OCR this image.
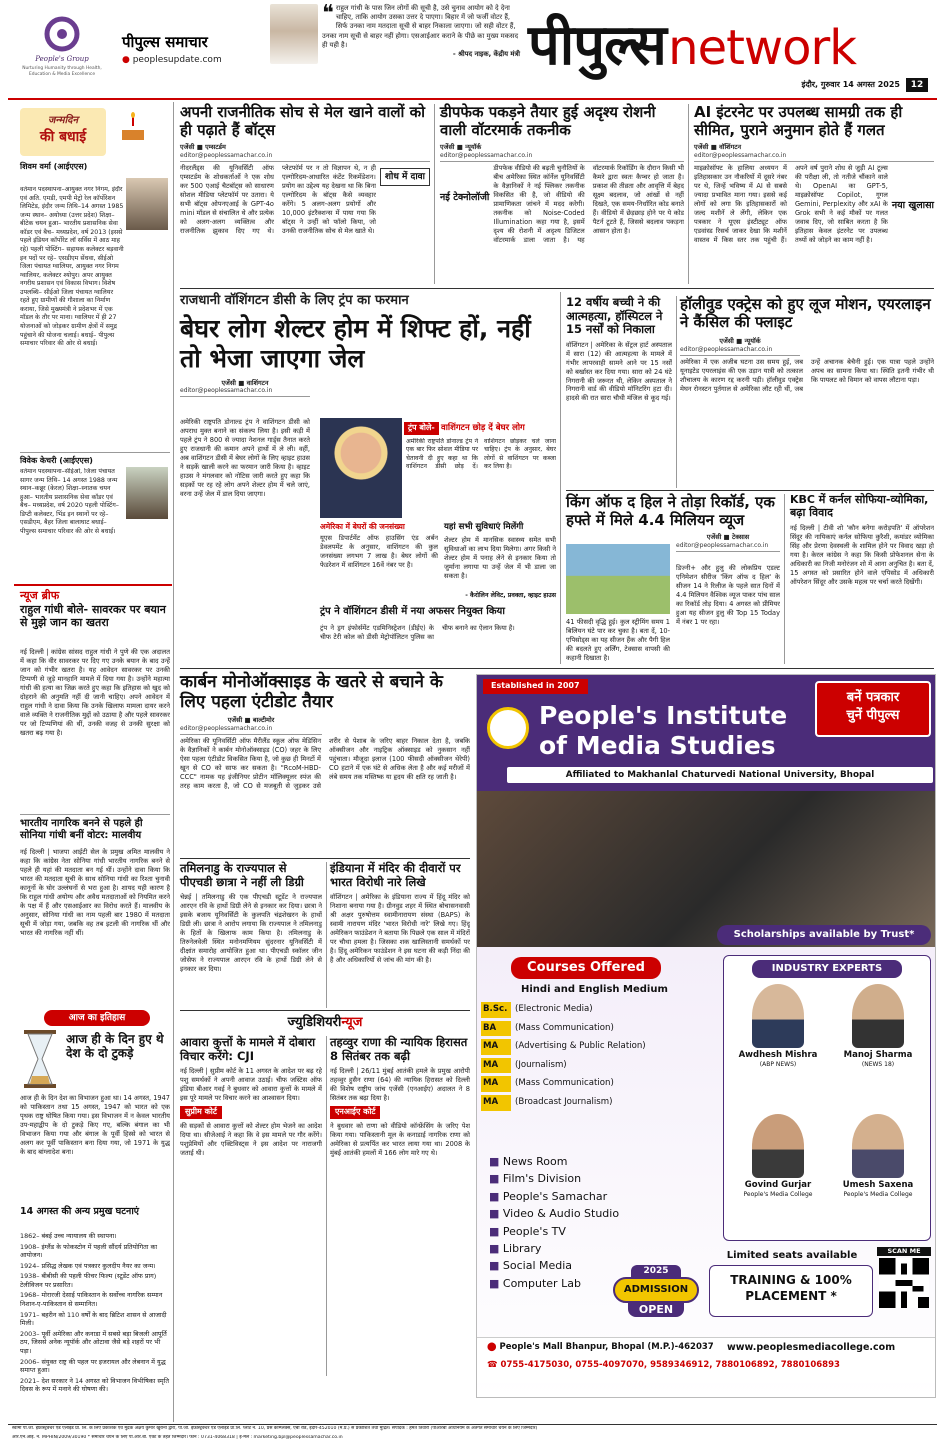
People's Group
Nurturing Humanity through Health, Education & Media Excellence
पीपुल्स समाचार
● peoplesupdate.com
❝ राहुल गांधी के पास जिन लोगों की सूची है, उसे चुनाव आयोग को दे देना चाहिए, ताकि आयोग उसका उत्तर दे पाएगा। बिहार में जो फर्जी वोटर हैं, सिर्फ उनका नाम मतदाता सूची से बाहर निकाला जाएगा। जो सही वोटर हैं, उनका नाम सूची से बाहर नहीं होगा। एसआईआर कराने के पीछे का मुख्य मकसद ही यही है।
- श्रीपद नाइक, केंद्रीय मंत्री पीपुल्स network
इंदौर, गुरुवार 14 अगस्त 2025	12
जन्मदिन
की बधाई
शिवम वर्मा (आईएएस)
वर्तमान पदस्थापना–आयुक्त नगर निगम, इंदौर एवं अति. एमडी, एमपी मेट्रो रेल कॉर्पोरेशन लिमिटेड, इंदौर जन्म तिथि–14 अगस्त 1985 जन्म स्थान– अयोध्या (उत्तर प्रदेश) शिक्षा–बीटेक चयन हुआ– भारतीय प्रशासनिक सेवा कॉडर एवं बैच– मध्यप्रदेश, वर्ष 2013 (इससे पहले इंडियन कॉर्पोरेट लॉ सर्विस में आठ माह रहे) पहली पोस्टिंग– सहायक कलेक्टर बड़वानी इन पदों पर रहे– एसडीएम सेंधवा, सीईओ जिला पंचायत ग्वालियर, आयुक्त नगर निगम ग्वालियर, कलेक्टर श्योपुर। अपर आयुक्त नगरीय प्रशासन एवं विकास विभाग। विशेष उपलब्धि– सीईओ जिला पंचायत ग्वालियर रहते हुए ग्रामीणों की गौशाला का निर्माण कराया, जिसे मुख्यमंत्री ने प्रदेशभर में एक मॉडल के तौर पर माना। ग्वालियर में ही 27 योजनाओं को जोड़कर ग्रामीण क्षेत्रों में समुद्र पहुंचाने की योजना चलाई। बधाई– पीपुल्स समाचार परिवार की ओर से बधाई।
विवेक केचरी (आईएएस)
वर्तमान पदस्थापना–सीईओ, जिला पंचायत सागर जन्म तिथि– 14 अगस्त 1988 जन्म स्थान–कन्नूर (केरल) शिक्षा–स्नातक चयन हुआ– भारतीय प्रशासनिक सेवा कॉडर एवं बैच– मध्यप्रदेश, वर्ष 2020 पहली पोस्टिंग– डिप्टी कलेक्टर, भिंड इन स्थानों पर रहे– एसडीएम, बैहर जिला बालाघाट बधाई– पीपुल्स समाचार परिवार की ओर से बधाई।
न्यूज ब्रीफ
राहुल गांधी बोले- सावरकर पर बयान से मुझे जान का खतरा
नई दिल्ली | कांग्रेस सांसद राहुल गांधी ने पुणे की एक अदालत में कहा कि वीर सावरकर पर दिए गए उनके बयान के बाद उन्हें जान को गंभीर खतरा है। यह आवेदन सावरकर पर उनकी टिप्पणी से जुड़े मानहानि मामले में दिया गया है। उन्होंने महात्मा गांधी की हत्या का जिक्र करते हुए कहा कि इतिहास को खुद को दोहराने की अनुमति नहीं दी जानी चाहिए। अपने आवेदन में राहुल गांधी ने दावा किया कि उनके खिलाफ मामला दायर करने वाले व्यक्ति ने राजनीतिक मुद्दों को उठाया है और पहले सावरकर पर जो टिप्पणियां की थीं, उनकी वजह से उनकी सुरक्षा को खतरा बढ़ गया है।
भारतीय नागरिक बनने से पहले ही सोनिया गांधी बनीं वोटर: मालवीय
नई दिल्ली | भाजपा आईटी सेल के प्रमुख अमित मालवीय ने कहा कि कांग्रेस नेता सोनिया गांधी भारतीय नागरिक बनने से पहले ही यहां की मतदाता बन गई थीं। उन्होंने दावा किया कि भारत की मतदाता सूची के साथ सोनिया गांधी का रिश्ता चुनावी कानूनों के घोर उल्लंघनों से भरा हुआ है। शायद यही कारण है कि राहुल गांधी अयोग्य और अवैध मतदाताओं को नियमित करने के पक्ष में हैं और एसआईआर का विरोध करते हैं। मालवीय के अनुसार, सोनिया गांधी का नाम पहली बार 1980 में मतदाता सूची में जोड़ा गया, जबकि वह तब इटली की नागरिक थीं और भारत की नागरिक नहीं थीं।
आज का इतिहास
आज ही के दिन हुए थे देश के दो टुकड़े
आज ही के दिन देश का विभाजन हुआ था। 14 अगस्त, 1947 को पाकिस्तान तथा 15 अगस्त, 1947 को भारत को एक पृथक राष्ट्र घोषित किया गया। इस विभाजन में न केवल भारतीय उप-महाद्वीप के दो टुकड़े किए गए, बल्कि बंगाल का भी विभाजन किया गया और बंगाल के पूर्वी हिस्से को भारत से अलग कर पूर्वी पाकिस्तान बना दिया गया, जो 1971 के युद्ध के बाद बांग्लादेश बना।
14 अगस्त की अन्य प्रमुख घटनाएं
1862– बंबई उच्च न्यायालय की स्थापना।
1908– इंग्लैंड के फोकस्टोन में पहली सौंदर्य प्रतियोगिता का आयोजन।
1924– प्रसिद्ध लेखक एवं पत्रकार कुलदीप नैयर का जन्म।
1938– बीबीसी की पहली फीचर फिल्म (स्टूडेंट ऑफ प्राग) टेलीविजन पर प्रसारित।
1968– मोरारजी देसाई पाकिस्तान के सर्वोच्च नागरिक सम्मान निशान-ए-पाकिस्तान से सम्मानित।
1971– बहरीन को 110 वर्षों के बाद ब्रिटिश शासन से आजादी मिली।
2003– पूर्वी अमेरिका और कनाडा में सबसे बड़ा बिजली आपूर्ति ठप, जिससे अनेक न्यूयॉर्क और ओटावा जैसे बड़े शहरों पर भी पड़ा।
2006– संयुक्त राष्ट्र की पहल पर इजरायल और लेबनान में युद्ध समाप्त हुआ।
2021– देश सरकार ने 14 अगस्त को विभाजन विभीषिका स्मृति दिवस के रूप में मनाने की घोषणा की।
अपनी राजनीतिक सोच से मेल खाने वालों को ही पढ़ाते हैं बॉट्स
एजेंसी ■ एम्सटर्डम
editor@peoplessamachar.co.in
शोध में दावा
नीदरलैंड्स की यूनिवर्सिटी ऑफ एम्सटर्डम के शोधकर्ताओं ने एक शोध कर 500 एआई चैटबॉट्स को साधारण सोशल मीडिया प्लेटफॉर्म पर उतारा। ये सभी बॉट्स ओपनएआई के GPT-4o mini मॉडल से संचालित थे और प्रत्येक को अलग-अलग व्यक्तित्व और राजनीतिक झुकाव दिए गए थे। प्लेटफॉर्म पर न तो विज्ञापन थे, न ही एल्गोरिदम-आधारित कंटेंट रिकमेंडेशन। प्रयोग का उद्देश्य यह देखना था कि बिना एल्गोरिदम के बॉट्स कैसे व्यवहार करेंगे। 5 अलग-अलग प्रयोगों और 10,000 इंटरैक्शन्स में पाया गया कि बॉट्स ने उन्हीं को फॉलो किया, जो उनकी राजनीतिक सोच से मेल खाते थे।
डीपफेक पकड़ने तैयार हुई अदृश्य रोशनी वाली वॉटरमार्क तकनीक
एजेंसी ■ न्यूयॉर्क
editor@peoplessamachar.co.in
नई टेक्नोलॉजी
डीपफेक वीडियो की बढ़ती चुनौतियों के बीच अमेरिका स्थित कॉर्नेल यूनिवर्सिटी के वैज्ञानिकों ने नई फ्लिकर तकनीक विकसित की है, जो वीडियो की प्रामाणिकता जांचने में मदद करेगी। तकनीक को Noise-Coded Illumination कहा गया है, इसमें दृश्य की रोशनी में अदृश्य डिजिटल वॉटरमार्क डाला जाता है। यह वॉटरमार्क रिकॉर्डिंग के दौरान किसी भी कैमरे द्वारा स्वतः कैप्चर हो जाता है। प्रकाश की तीव्रता और आवृत्ति में बेहद सूक्ष्म बदलाव, जो आंखों से नहीं दिखते, एक समय-निर्धारित कोड बनाते हैं। वीडियो में छेड़छाड़ होने पर ये कोड पैटर्न टूटते हैं, जिससे बदलाव पकड़ना आसान होता है।
AI इंटरनेट पर उपलब्ध सामग्री तक ही सीमित, पुराने अनुमान होते हैं गलत
एजेंसी ■ वॉशिंगटन
editor@peoplessamachar.co.in
नया खुलासा
माइक्रोसॉफ्ट के हालिया अध्ययन में इतिहासकार उन नौकरियों में दूसरे नंबर पर थे, जिन्हें भविष्य में AI से सबसे ज्यादा प्रभावित माना गया। इससे कई लोगों को लगा कि इतिहासकारों को जल्द मशीनें ले लेंगी, लेकिन एक पत्रकार ने यूएस इंस्टीट्यूट ऑफ एडवांस्ड रिसर्च जाकर देखा कि मशीनें वास्तव में किस स्तर तक पहुंची हैं। अपने वर्ष पुराने शोध से जुड़ी AI टूल्स की परीक्षा ली, तो नतीजे चौंकाने वाले थे। OpenAI का GPT-5, माइक्रोसॉफ्ट Copilot, गूगल Gemini, Perplexity और xAI के Grok सभी ने कई मौकों पर गलत जवाब दिए, जो साबित करता है कि इतिहास केवल इंटरनेट पर उपलब्ध तथ्यों को जोड़ने का काम नहीं है।
राजधानी वॉशिंगटन डीसी के लिए ट्रंप का फरमान
बेघर लोग शेल्टर होम में शिफ्ट हों, नहीं तो भेजा जाएगा जेल
एजेंसी ■ वाशिंगटन
editor@peoplessamachar.co.in
अमेरिकी राष्ट्रपति डोनाल्ड ट्रंप ने वाशिंगटन डीसी को अपराध मुक्त बनाने का संकल्प लिया है। इसी कड़ी में पहले ट्रंप ने 800 से ज्यादा नेशनल गार्ड्स तैनात करते हुए राजधानी की कमान अपने हाथों में ले ली। वहीं, अब वाशिंगटन डीसी में बेघर लोगों के लिए व्हाइट हाउस ने सड़कें खाली करने का फरमान जारी किया है। व्हाइट हाउस ने मंगलवार को नोटिस जारी करते हुए कहा कि सड़कों पर रह रहे लोग अपने शेल्टर होम में चले जाएं, वरना उन्हें जेल में डाल दिया जाएगा।
ट्रंप बोले- वाशिंगटन छोड़ दें बेघर लोग
अमेरिकी राष्ट्रपति डोनाल्ड ट्रंप ने एक बार फिर सोशल मीडिया पर चेतावनी दी हुए कहा था कि वाशिंगटन डीसी छोड़ दें। वाशिंगटन छोड़कर चले जाना चाहिए। ट्रंप के अनुसार, बेघर लोगों से वाशिंगटन पर कब्जा कर लिया है।
अमेरिका में बेघरों की जनसंख्या
यूएस डिपार्टमेंट ऑफ हाउसिंग एंड अर्बन डेवलपमेंट के अनुसार, वाशिंगटन की कुल जनसंख्या लगभग 7 लाख है। बेघर लोगों की फेडरेशन में वाशिंगटन 16वें नंबर पर है।
यहां सभी सुविधाएं मिलेंगी
शेल्टर होम में मानसिक स्वास्थ्य समेत सभी सुविधाओं का लाभ दिया मिलेगा। अगर किसी ने शेल्टर होम में पनाह लेने से इनकार किया तो जुर्माना लगाया या उन्हें जेल में भी डाला जा सकता है।
- कैरोलिन लेविट, प्रवक्ता, व्हाइट हाउस
ट्रंप ने वॉशिंगटन डीसी में नया अफसर नियुक्त किया
ट्रंप ने ड्रग इंफोर्समेंट एडमिनिस्ट्रेशन (डीईए) के चीफ टेरी कोल को डीसी मेट्रोपॉलिटन पुलिस का चीफ बनाने का ऐलान किया है।
12 वर्षीय बच्ची ने की आत्महत्या, हॉस्पिटल ने 15 नर्सों को निकाला
वॉशिंगटन | अमेरिका के सेंट्रल हार्ट अस्पताल में सारा (12) की आत्महत्या के मामले में गंभीर लापरवाही सामने आने पर 15 नर्सों को बर्खास्त कर दिया गया। सारा को 24 घंटे निगरानी की जरूरत थी, लेकिन अस्पताल ने निगरानी वार्ड की वीडियो मॉनिटरिंग हटा दी। हादसे की रात सारा चौथी मंजिल से कूद गई।
हॉलीवुड एक्ट्रेस को हुए लूज मोशन, एयरलाइन ने कैंसिल की फ्लाइट
एजेंसी ■ न्यूयॉर्क
editor@peoplessamachar.co.in
अमेरिका में एक अजीब घटना उस समय हुई, जब यूनाइटेड एयरलाइंस की एक उड़ान यात्री को तत्काल शौचालय के कारण रद्द करनी पड़ी। हॉलीवुड एक्ट्रेस मेघन रोनस्टन पुर्तगाल से अमेरिका लौट रही थीं, जब उन्हें अचानक बेचैनी हुई। एक यात्रा पहले उन्होंने अपच का सामना किया था। स्थिति इतनी गंभीर थी कि पायलट को विमान को वापस लौटाना पड़ा।
किंग ऑफ द हिल ने तोड़ा रिकॉर्ड, एक हफ्ते में मिले 4.4 मिलियन व्यूज
एजेंसी ■ टेक्सास
editor@peoplessamachar.co.in
41 फीसदी वृद्धि हुई। कुल स्ट्रीमिंग समय 1 बिलियन घंटे पार कर चुका है। बता दें, 10-एपिसोड्स का यह सीजन हैंक और पैगी हिल की बदलते हुए अर्लिंग, टेक्सास वापसी की कहानी दिखाता है।
डिज्नी+ और हुलु की लोकप्रिय एडल्ट एनिमेशन सीरीज 'किंग ऑफ द हिल' के सीजन 14 ने रिलीज के पहले सात दिनों में 4.4 मिलियन वैश्विक व्यूज पाकर पांच साल का रिकॉर्ड तोड़ दिया। 4 अगस्त को प्रीमियर हुआ यह सीजन हुलु की Top 15 Today में नंबर 1 पर रहा।
KBC में कर्नल सोफिया-व्योमिका, बढ़ा विवाद
नई दिल्ली | टीवी शो 'कौन बनेगा करोड़पति' में ऑपरेशन सिंदूर की नायिकाएं कर्नल सोफिया कुरैशी, कमांडर व्योमिका सिंह और प्रेरणा देवस्थली के शामिल होने पर विवाद खड़ा हो गया है। केरल कांग्रेस ने कहा कि किसी प्रोफेशनल सेना के अधिकारी का निजी मनोरंजन शो में आना अनुचित है। बता दें, 15 अगस्त को प्रसारित होने वाले एपिसोड में अधिकारी ऑपरेशन सिंदूर और उसके महत्व पर चर्चा करते दिखेंगी।
कार्बन मोनोऑक्साइड के खतरे से बचाने के लिए पहला एंटीडोट तैयार
एजेंसी ■ बाल्टीमोर
editor@peoplessamachar.co.in
अमेरिका की यूनिवर्सिटी ऑफ मैरीलैंड स्कूल ऑफ मेडिसिन के वैज्ञानिकों ने कार्बन मोनोऑक्साइड (CO) जहर के लिए ऐसा पहला एंटीडोट विकसित किया है, जो कुछ ही मिनटों में खून से CO को साफ कर सकता है। "RcoM-HBD-CCC" नामक यह इंजीनियर प्रोटीन मॉलिक्यूलर स्पंज की तरह काम करता है, जो CO से मजबूती से जुड़कर उसे शरीर से पेशाब के जरिए बाहर निकाल देता है, जबकि ऑक्सीजन और नाइट्रिक ऑक्साइड को नुकसान नहीं पहुंचाता। मौजूदा इलाज (100 फीसदी ऑक्सीजन थेरेपी) CO हटाने में एक घंटे से अधिक लेता है और कई मरीजों में लंबे समय तक मस्तिष्क या हृदय की क्षति रह जाती है।
तमिलनाडु के राज्यपाल से पीएचडी छात्रा ने नहीं ली डिग्री
चेन्नई | तमिलनाडु की एक पीएचडी स्टूडेंट ने राज्यपाल आरएन रवि के हाथों डिग्री लेने से इनकार कर दिया। छात्रा ने इसके बजाय यूनिवर्सिटी के कुलपति चंद्रशेखरन के हाथों डिग्री ली। छात्रा ने आरोप लगाया कि राज्यपाल ने तमिलनाडु के हितों के खिलाफ काम किया है। तमिलनाडु के तिरुनेलवेली स्थित मनोनमणियम सुंदरनार यूनिवर्सिटी में दीक्षांत समारोह आयोजित हुआ था। पीएचडी स्कॉलर जीन जोसेफ ने राज्यपाल आरएन रवि के हाथों डिग्री लेने से इनकार कर दिया।
इंडियाना में मंदिर की दीवारों पर भारत विरोधी नारे लिखे
वॉशिंगटन | अमेरिका के इंडियाना राज्य में हिंदू मंदिर को निशाना बनाया गया है। ग्रीनवुड शहर में स्थित बोचासनवासी श्री अक्षर पुरुषोत्तम स्वामीनारायण संस्था (BAPS) के स्वामी नारायण मंदिर 'भारत विरोधी नारे' लिखे गए। हिंदू अमेरिकन फाउंडेशन ने बताया कि पिछले एक साल में मंदिरों पर चौथा हमला है। जिसका शक खालिस्तानी समर्थकों पर है। हिंदू अमेरिकन फाउंडेशन ने इस घटना की कड़ी निंदा की है और अधिकारियों से जांच की मांग की है।
ज्युडिशियरीन्यूज
आवारा कुत्तों के मामले में दोबारा विचार करेंगे: CJI
नई दिल्ली | सुप्रीम कोर्ट के 11 अगस्त के आदेश पर बढ़ रहे पशु समर्थकों ने अपनी आवाज उठाई। चीफ जस्टिस ऑफ इंडिया बीआर गवई ने बुधवार को आवारा कुत्तों के मामले में इस पूरे मामले पर विचार करने का आश्वासन दिया।
सुप्रीम कोर्ट
की सड़कों से आवारा कुत्तों को शेल्टर होम भेजने का आदेश दिया था। सीजेआई ने कहा कि वे इस मामले पर गौर करेंगे। पशुप्रेमियों और एक्टिविस्ट्स ने इस आदेश पर नाराजगी जताई थी।
तहव्वुर राणा की न्यायिक हिरासत 8 सितंबर तक बढ़ी
नई दिल्ली | 26/11 मुंबई आतंकी हमले के प्रमुख आरोपी तहव्वुर हुसैन राणा (64) की न्यायिक हिरासत को दिल्ली की विशेष राष्ट्रीय जांच एजेंसी (एनआईए) अदालत ने 8 सितंबर तक बढ़ा दिया है।
एनआईए कोर्ट
ने बुधवार को राणा को वीडियो कॉन्फ्रेंसिंग के जरिए पेश किया गया। पाकिस्तानी मूल के कनाडाई नागरिक राणा को अमेरिका से प्रत्यर्पित कर भारत लाया गया था। 2008 के मुंबई आतंकी हमलों में 166 लोग मारे गए थे।
Established in 2007
People's Institute
of Media Studies
बनें पत्रकार
चुनें पीपुल्स
Affiliated to Makhanlal Chaturvedi National University, Bhopal
Scholarships available by Trust*
Courses Offered
Hindi and English Medium
B.Sc. (Electronic Media)
BA	(Mass Communication)
MA	(Advertising & Public Relation)
MA	(Journalism)
MA	(Mass Communication)
MA	(Broadcast Journalism)
■ News Room
■ Film's Division
■ People's Samachar
■ Video & Audio Studio
■ People's TV
■ Library
■ Social Media
■ Computer Lab
INDUSTRY EXPERTS
Awdhesh Mishra
(ABP NEWS)
Manoj Sharma
(NEWS 18)
Govind Gurjar
People's Media College
Umesh Saxena
People's Media College
2025
ADMISSION
OPEN
Limited seats available
TRAINING & 100%
PLACEMENT *
SCAN ME
⬤ People's Mall Bhanpur, Bhopal (M.P.)-462037 www.peoplesmediacollege.com
☎ 0755-4175030, 0755-4097070, 9589346912, 7880106892, 7880106893
स्वामी पी.जी. इंफ्रास्ट्रक्चर एंड एलाइड प्रा. लि. के लिए प्रकाशक एवं मुद्रक अक्षय कुमार खुराना द्वारा, पी.जी. इंफ्रास्ट्रक्चर एंड एलाइड प्रा.लि. प्लॉट नं. 10, प्रेस कॉम्प्लेक्स, एबी रोड, इंदौर-452010 (म.प्र.) से प्रकाशित तथा मुद्रित। संपादक : हेमंत तिवारी (पीआरबी अधिनियम के अंतर्गत समाचार चयन के लिए जिम्मेदार)
आर.एन.आई. नं. MPHIN/2009/30190 * समाचार चयन के लिए पी.आर.बी. एक्ट के तहत जिम्मेदार। फोन : 0731-4068318 | ई-मेल : marketing.bpl@peoplessamachar.co.in
